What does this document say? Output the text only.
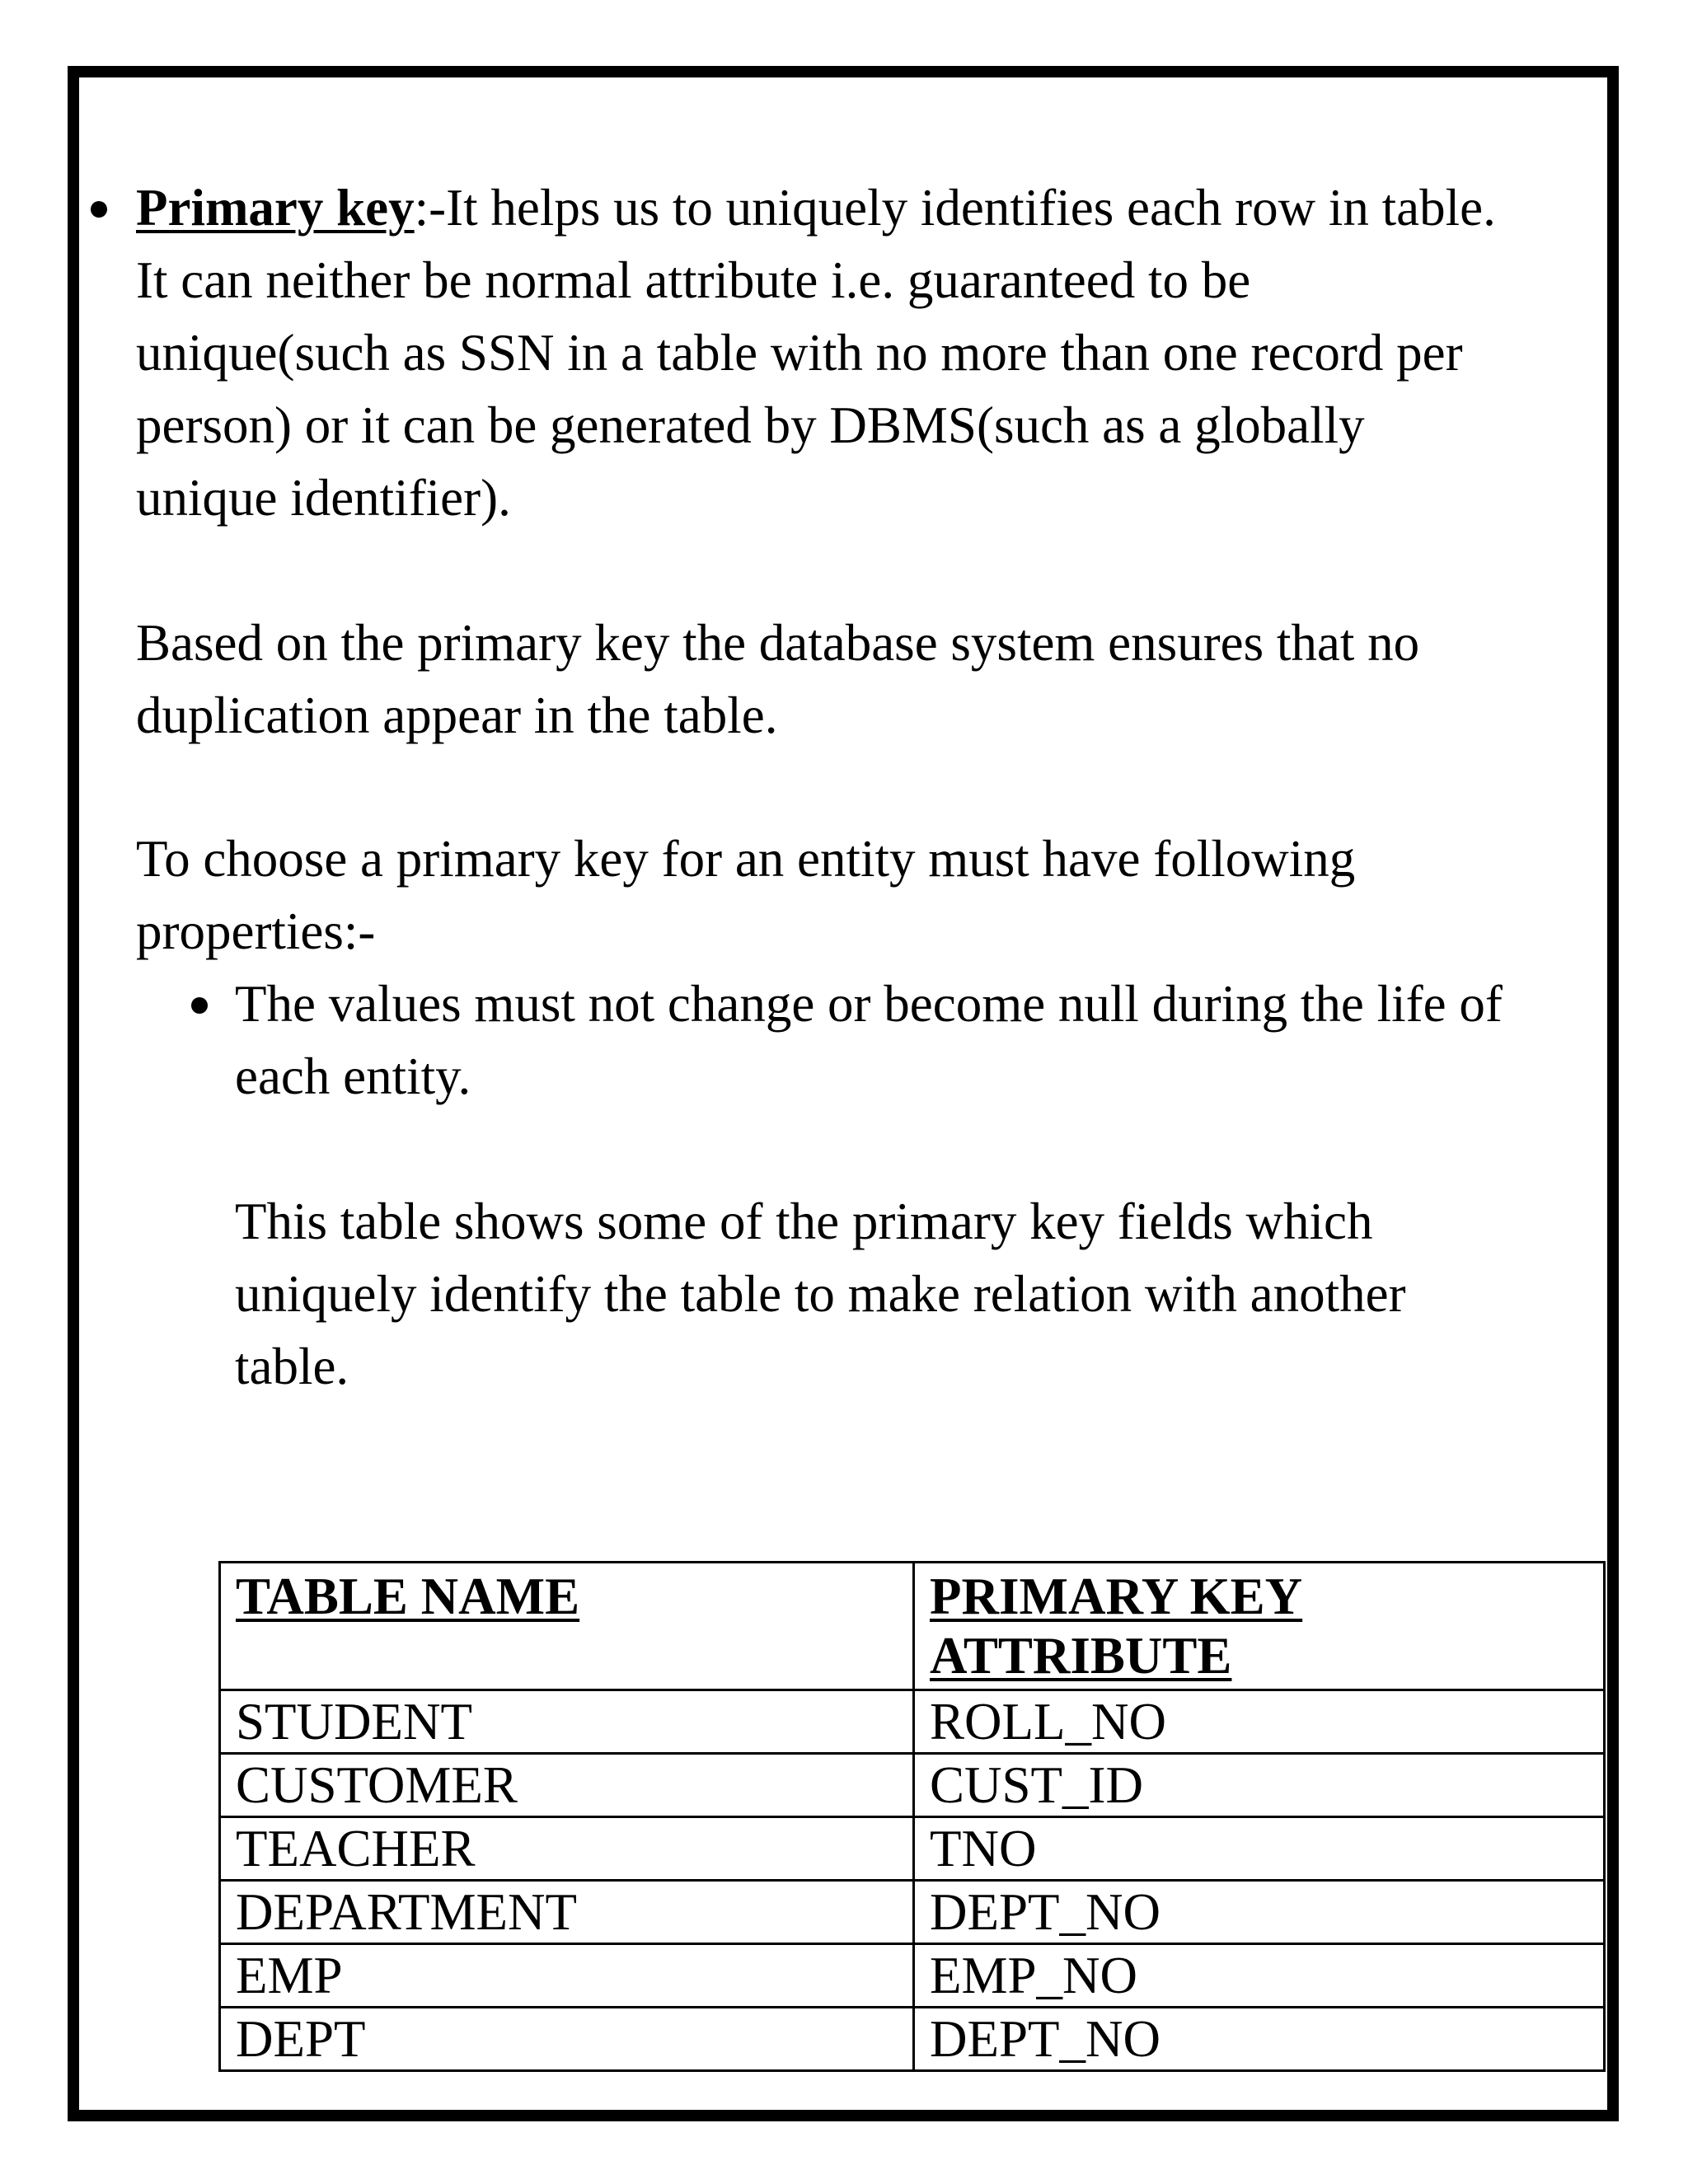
Primary key:-It helps us to uniquely identifies each row in table.
It can neither be normal attribute i.e. guaranteed to be
unique(such as SSN in a table with no more than one record per
person) or it can be generated by DBMS(such as a globally
unique identifier).
Based on the primary key the database system ensures that no
duplication appear in the table.
To choose a primary key for an entity must have following
properties:-
The values must not change or become null during the life of
each entity.
This table shows some of the primary key fields which
uniquely identify the table to make relation with another
table.
TABLE NAME	PRIMARY KEY ATTRIBUTE
STUDENT	ROLL_NO
CUSTOMER	CUST_ID
TEACHER	TNO
DEPARTMENT	DEPT_NO
EMP	EMP_NO
DEPT	DEPT_NO
